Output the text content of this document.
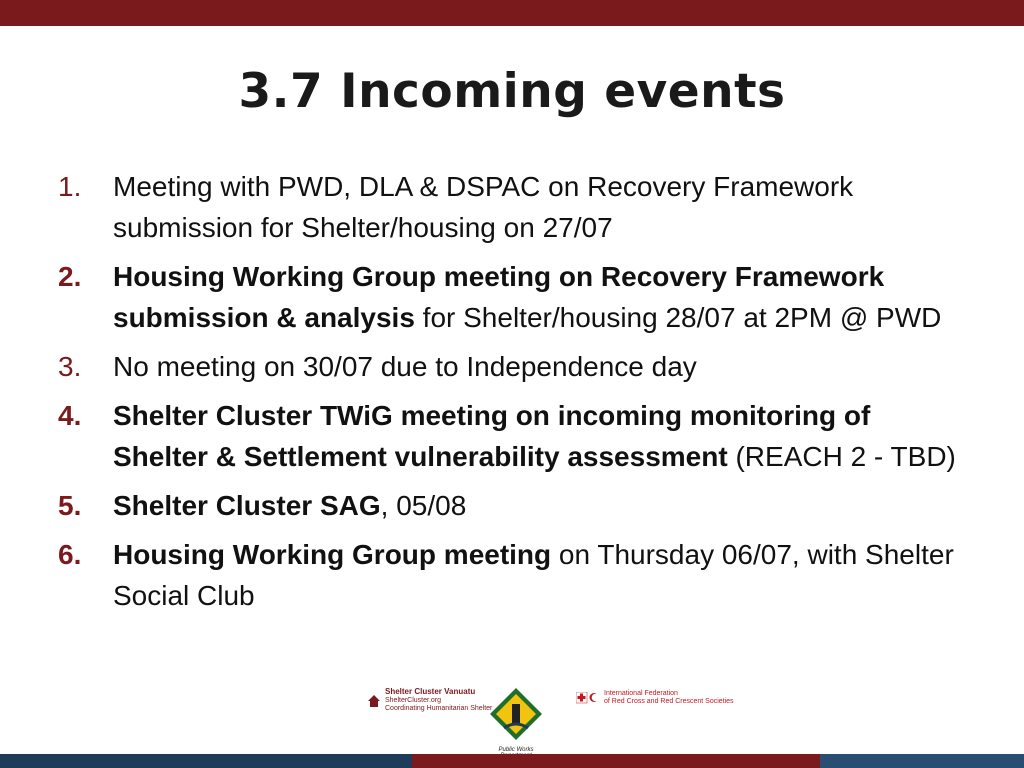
3.7 Incoming events
1.	Meeting with PWD, DLA & DSPAC on Recovery Framework submission for Shelter/housing on 27/07
2.	Housing Working Group meeting on Recovery Framework submission & analysis for Shelter/housing 28/07 at 2PM @ PWD
3.	No meeting on 30/07 due to Independence day
4.	Shelter Cluster TWiG meeting on incoming monitoring of Shelter & Settlement vulnerability assessment (REACH 2 - TBD)
5.	Shelter Cluster SAG, 05/08
6.	Housing Working Group meeting on Thursday 06/07, with Shelter Social Club
Shelter Cluster Vanuatu
ShelterCluster.org
Coordinating Humanitarian Shelter
Public Works
International Federation
of Red Cross and Red Crescent Societies
